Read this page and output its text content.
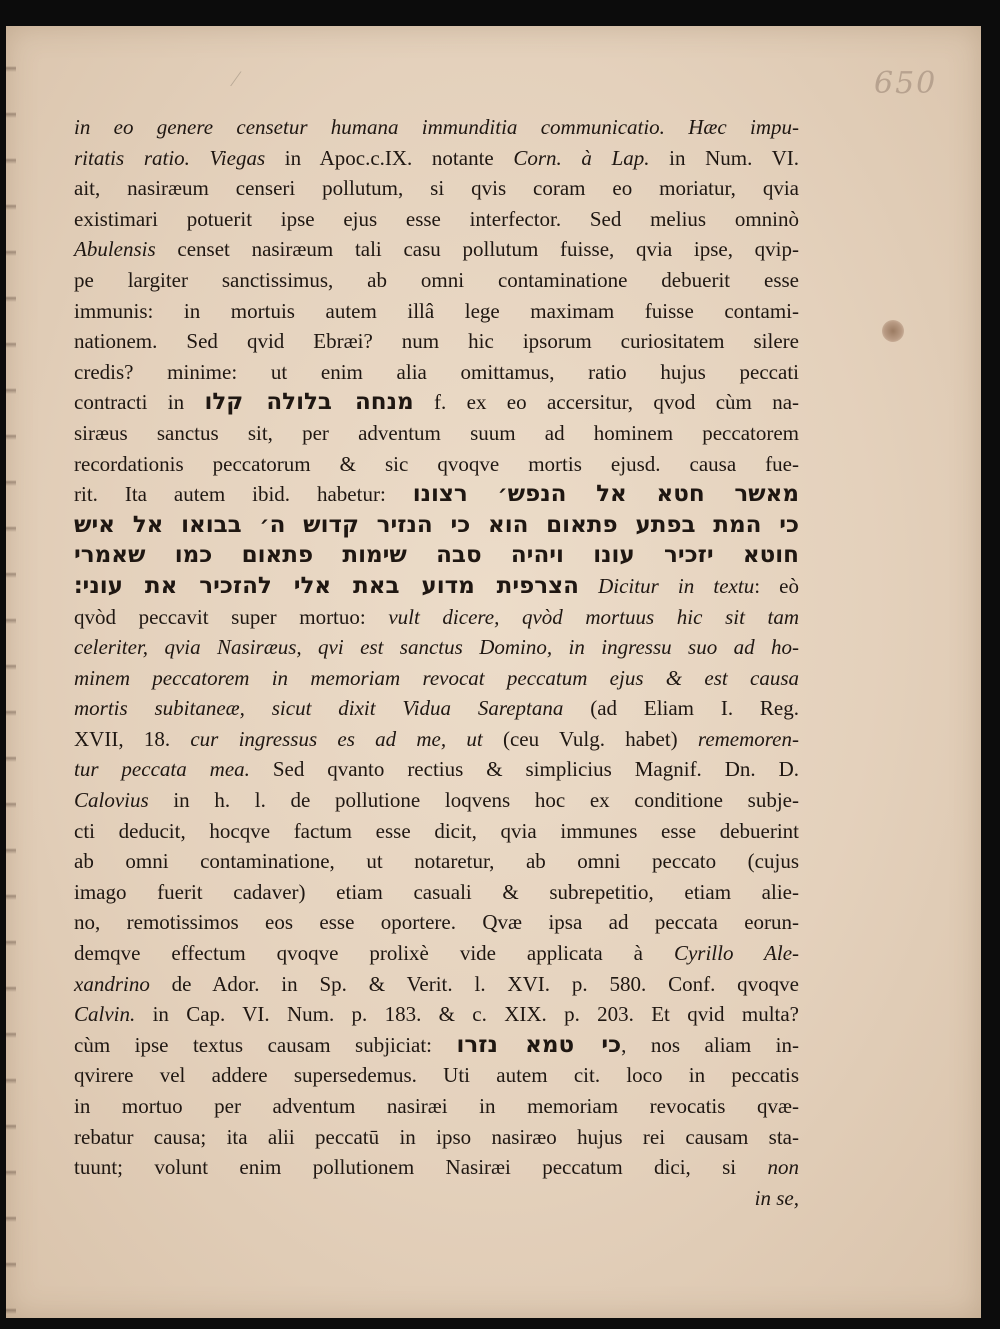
⁄	650
in eo genere censetur humana immunditia communicatio. Hæc impu-
ritatis ratio. Viegas in Apoc.c.IX. notante Corn. à Lap. in Num. VI.
ait, nasiræum censeri pollutum, si qvis coram eo moriatur, qvia
existimari potuerit ipse ejus esse interfector. Sed melius omninò
Abulensis censet nasiræum tali casu pollutum fuisse, qvia ipse, qvip-
pe largiter sanctissimus, ab omni contaminatione debuerit esse
immunis: in mortuis autem illâ lege maximam fuisse contami-
nationem. Sed qvid Ebræi? num hic ipsorum curiositatem silere
credis? minime: ut enim alia omittamus, ratio hujus peccati
contracti in מנחה בלולה קלו f. ex eo accersitur, qvod cùm na-
siræus sanctus sit, per adventum suum ad hominem peccatorem
recordationis peccatorum & sic qvoqve mortis ejusd. causa fue-
rit. Ita autem ibid. habetur: מאשר חטא אל הנפש׳ רצונו
כי המת בפתע פתאום הוא כי הנזיר קדוש ה׳ בבואו אל איש
חוטא יזכיר עונו ויהיה סבה שימות פתאום כמו שאמרי
הצרפית מדוע באת אלי להזכיר את עוני׃ Dicitur in textu: eò
qvòd peccavit super mortuo: vult dicere, qvòd mortuus hic sit tam
celeriter, qvia Nasiræus, qvi est sanctus Domino, in ingressu suo ad ho-
minem peccatorem in memoriam revocat peccatum ejus & est causa
mortis subitaneæ, sicut dixit Vidua Sareptana (ad Eliam I. Reg.
XVII, 18. cur ingressus es ad me, ut (ceu Vulg. habet) rememoren-
tur peccata mea. Sed qvanto rectius & simplicius Magnif. Dn. D.
Calovius in h. l. de pollutione loqvens hoc ex conditione subje-
cti deducit, hocqve factum esse dicit, qvia immunes esse debuerint
ab omni contaminatione, ut notaretur, ab omni peccato (cujus
imago fuerit cadaver) etiam casuali & subrepetitio, etiam alie-
no, remotissimos eos esse oportere. Qvæ ipsa ad peccata eorun-
demqve effectum qvoqve prolixè vide applicata à Cyrillo Ale-
xandrino de Ador. in Sp. & Verit. l. XVI. p. 580. Conf. qvoqve
Calvin. in Cap. VI. Num. p. 183. & c. XIX. p. 203. Et qvid multa?
cùm ipse textus causam subjiciat: כי טמא נזרו, nos aliam in-
qvirere vel addere supersedemus. Uti autem cit. loco in peccatis
in mortuo per adventum nasiræi in memoriam revocatis qvæ-
rebatur causa; ita alii peccatū in ipso nasiræo hujus rei causam sta-
tuunt; volunt enim pollutionem Nasiræi peccatum dici, si non
in se,
